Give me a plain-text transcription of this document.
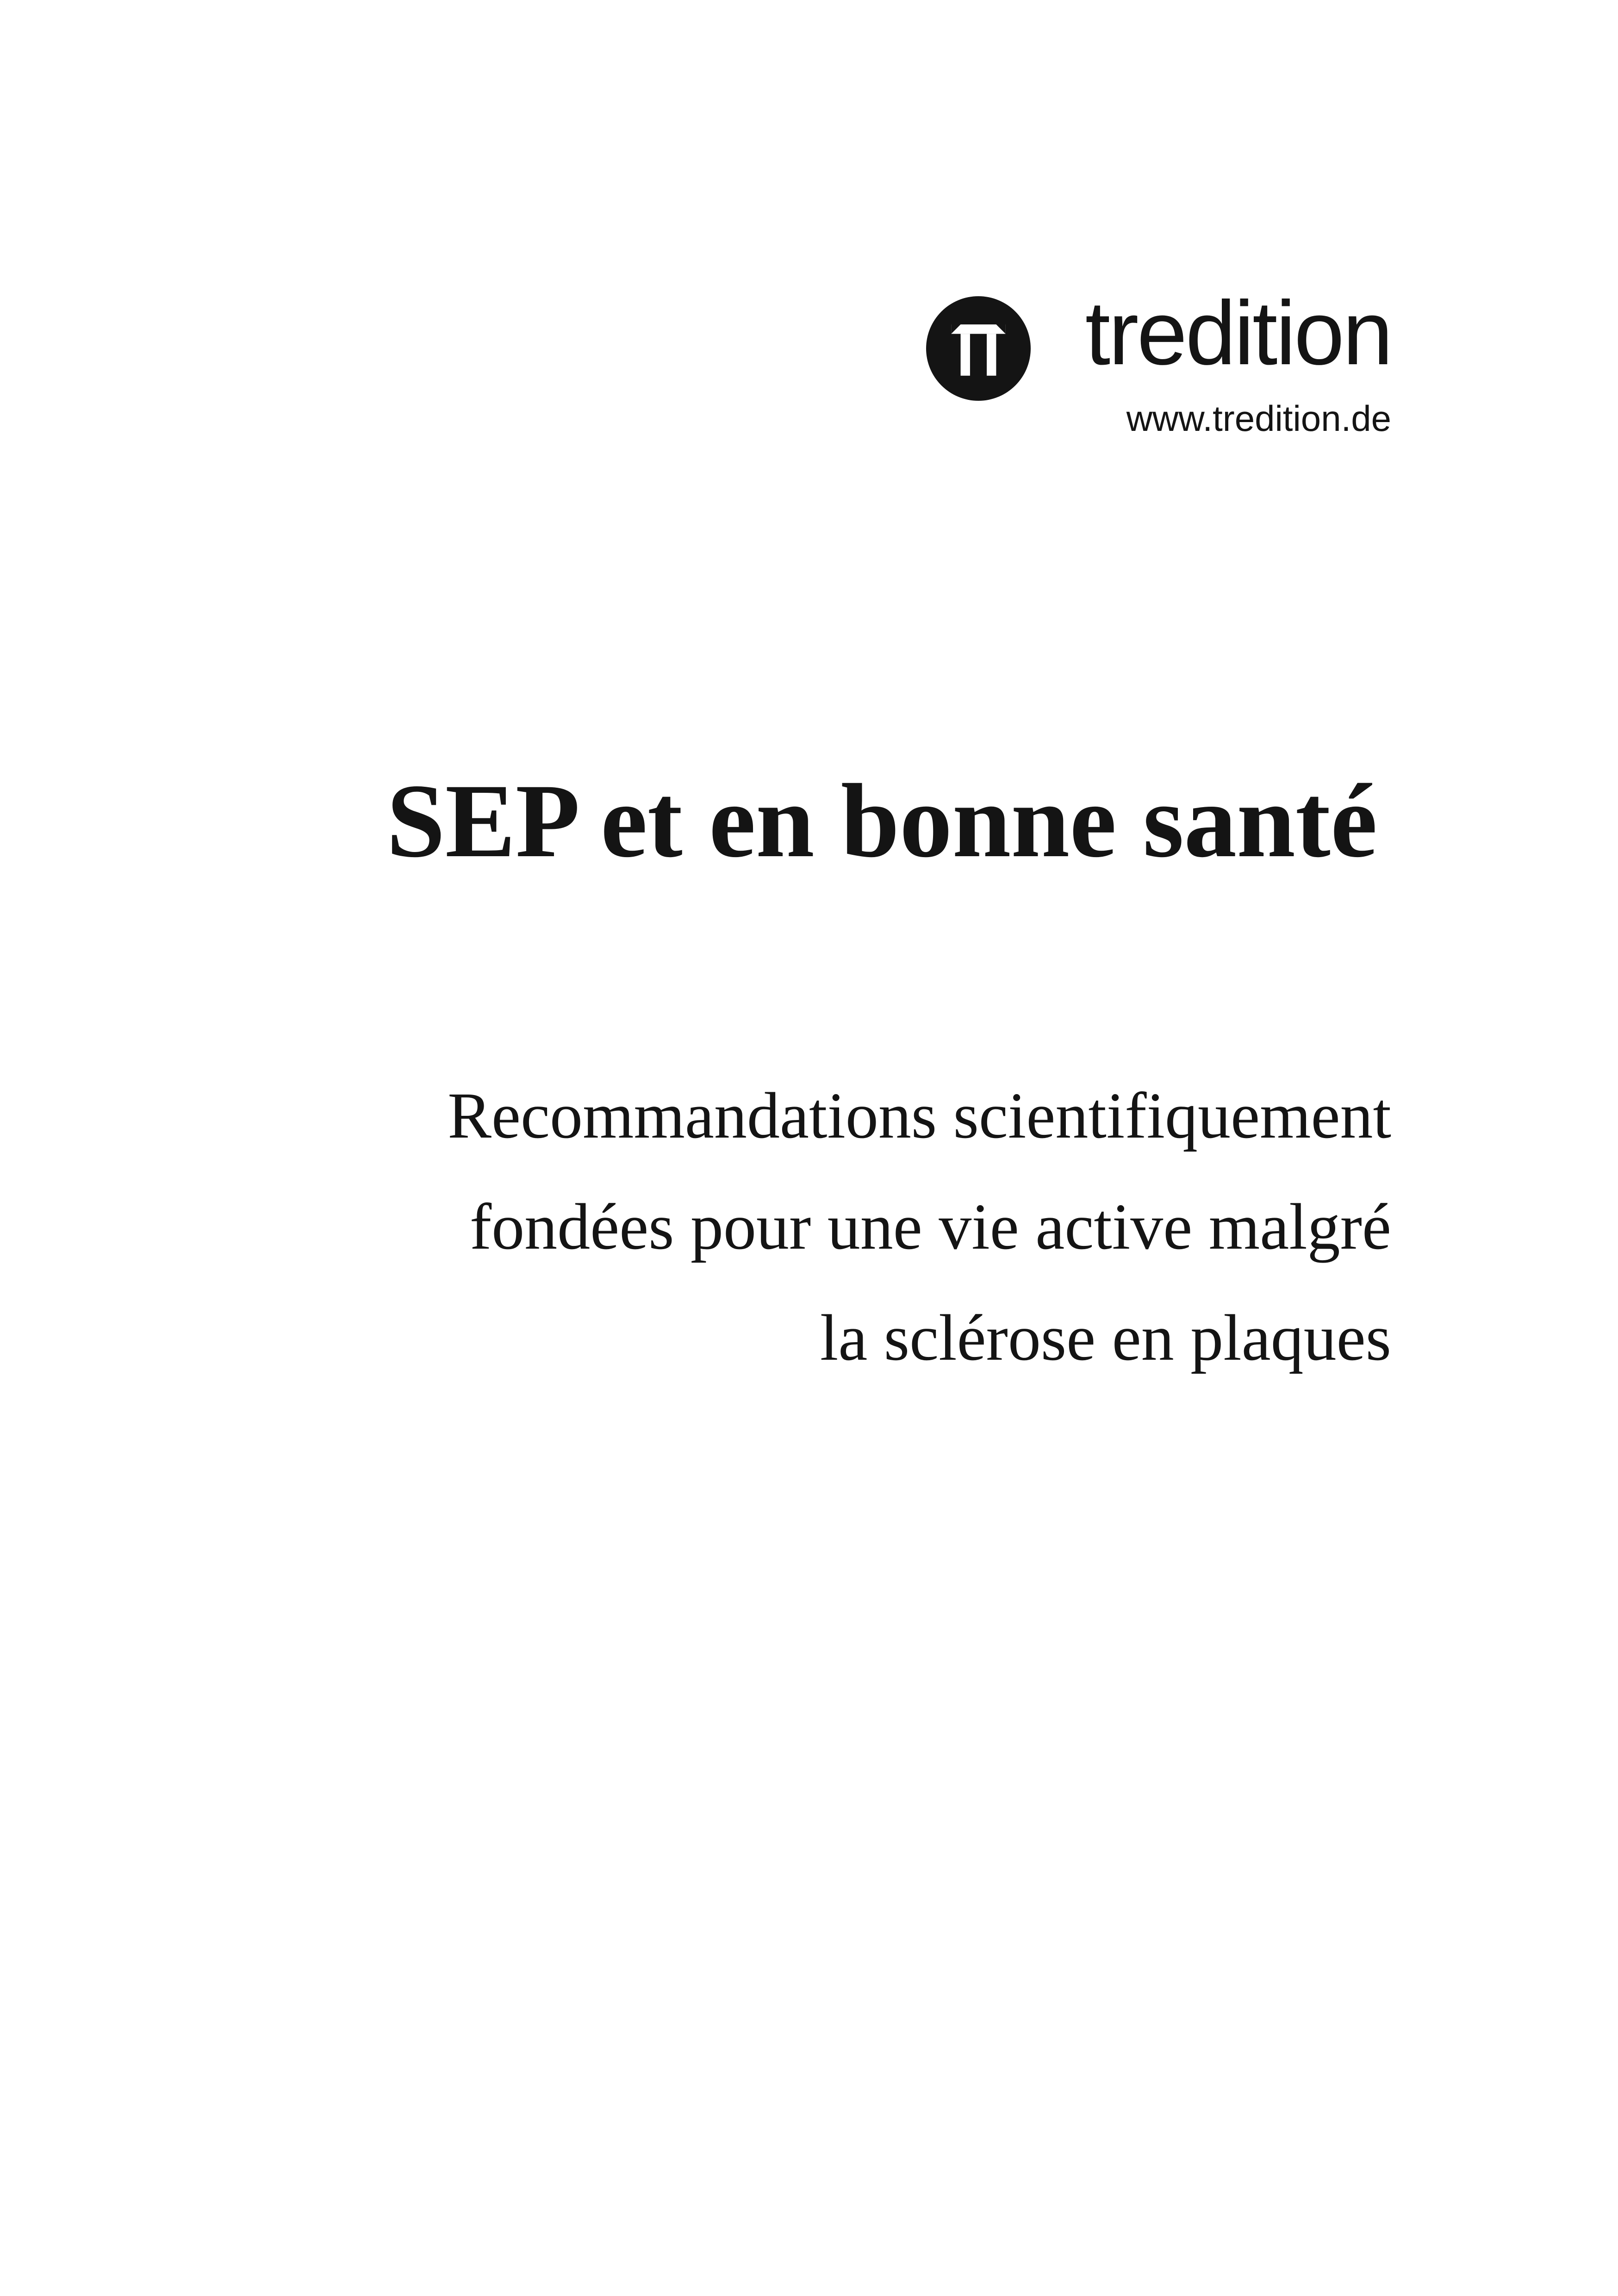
tredition
www.tredition.de
SEP et en bonne santé

Recommandations scientifiquement
fondées pour une vie active malgré
la sclérose en plaques
